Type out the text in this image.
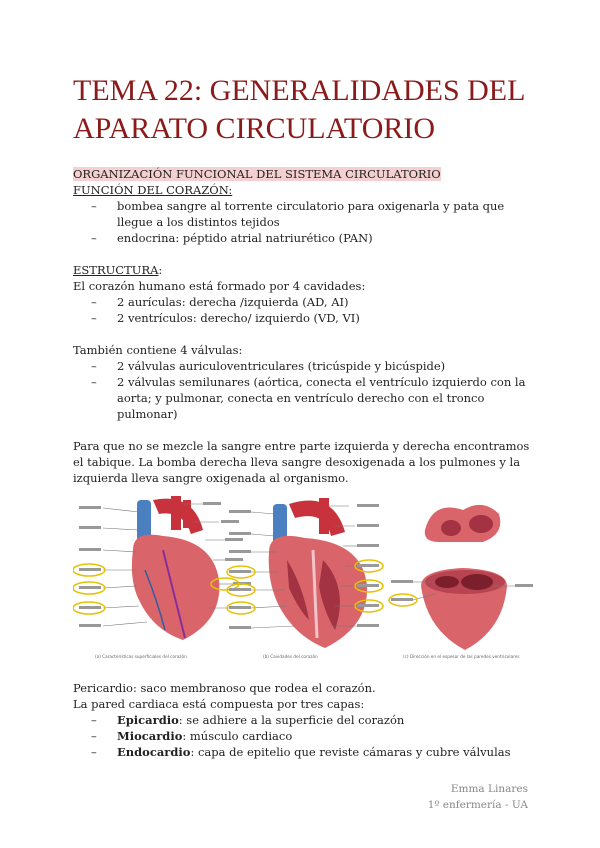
TEMA 22: GENERALIDADES DEL APARATO CIRCULATORIO

ORGANIZACIÓN FUNCIONAL DEL SISTEMA CIRCULATORIO

FUNCIÓN DEL CORAZÓN:

– bombea sangre al torrente circulatorio para oxigenarla y pata que llegue a los distintos tejidos
– endocrina: péptido atrial natriurético (PAN)

ESTRUCTURA:

El corazón humano está formado por 4 cavidades:

– 2 aurículas: derecha /izquierda (AD, AI)
– 2 ventrículos: derecho/ izquierdo (VD, VI)

También contiene 4 válvulas:

– 2 válvulas auriculoventriculares (tricúspide y bicúspide)
– 2 válvulas semilunares (aórtica, conecta el ventrículo izquierdo con la aorta; y pulmonar, conecta en ventrículo derecho con el tronco pulmonar)

Para que no se mezcle la sangre entre parte izquierda y derecha encontramos el tabique. La bomba derecha lleva sangre desoxigenada a los pulmones y la izquierda lleva sangre oxigenada al organismo.

(a) Características superficiales del corazón	(b) Cavidades del corazón	(c) Dirección en el espesor de las paredes ventriculares

Pericardio: saco membranoso que rodea el corazón.

La pared cardiaca está compuesta por tres capas:

– Epicardio: se adhiere a la superficie del corazón
– Miocardio: músculo cardiaco
– Endocardio: capa de epitelio que reviste cámaras y cubre válvulas
Emma Linares
1º enfermería - UA
